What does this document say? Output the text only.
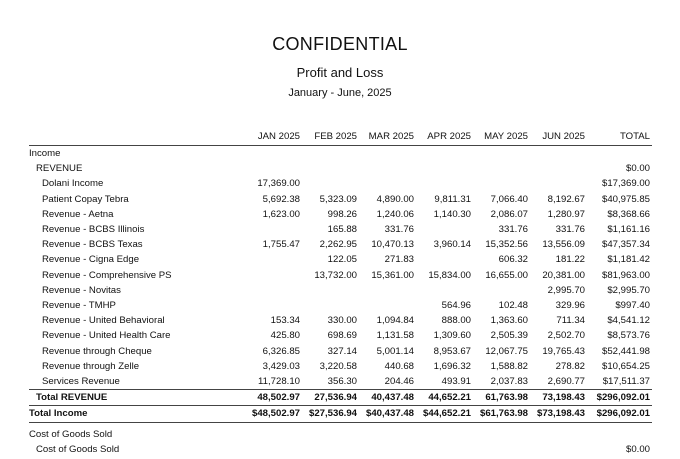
CONFIDENTIAL
Profit and Loss
January - June, 2025
	JAN 2025	FEB 2025	MAR 2025	APR 2025	MAY 2025	JUN 2025	TOTAL
Income							
REVENUE							$0.00
Dolani Income	17,369.00						$17,369.00
Patient Copay Tebra	5,692.38	5,323.09	4,890.00	9,811.31	7,066.40	8,192.67	$40,975.85
Revenue - Aetna	1,623.00	998.26	1,240.06	1,140.30	2,086.07	1,280.97	$8,368.66
Revenue - BCBS Illinois		165.88	331.76		331.76	331.76	$1,161.16
Revenue - BCBS Texas	1,755.47	2,262.95	10,470.13	3,960.14	15,352.56	13,556.09	$47,357.34
Revenue - Cigna Edge		122.05	271.83		606.32	181.22	$1,181.42
Revenue - Comprehensive PS		13,732.00	15,361.00	15,834.00	16,655.00	20,381.00	$81,963.00
Revenue - Novitas						2,995.70	$2,995.70
Revenue - TMHP				564.96	102.48	329.96	$997.40
Revenue - United Behavioral	153.34	330.00	1,094.84	888.00	1,363.60	711.34	$4,541.12
Revenue - United Health Care	425.80	698.69	1,131.58	1,309.60	2,505.39	2,502.70	$8,573.76
Revenue through Cheque	6,326.85	327.14	5,001.14	8,953.67	12,067.75	19,765.43	$52,441.98
Revenue through Zelle	3,429.03	3,220.58	440.68	1,696.32	1,588.82	278.82	$10,654.25
Services Revenue	11,728.10	356.30	204.46	493.91	2,037.83	2,690.77	$17,511.37
Total REVENUE	48,502.97	27,536.94	40,437.48	44,652.21	61,763.98	73,198.43	$296,092.01
Total Income	$48,502.97	$27,536.94	$40,437.48	$44,652.21	$61,763.98	$73,198.43	$296,092.01

Cost of Goods Sold							
Cost of Goods Sold							$0.00
